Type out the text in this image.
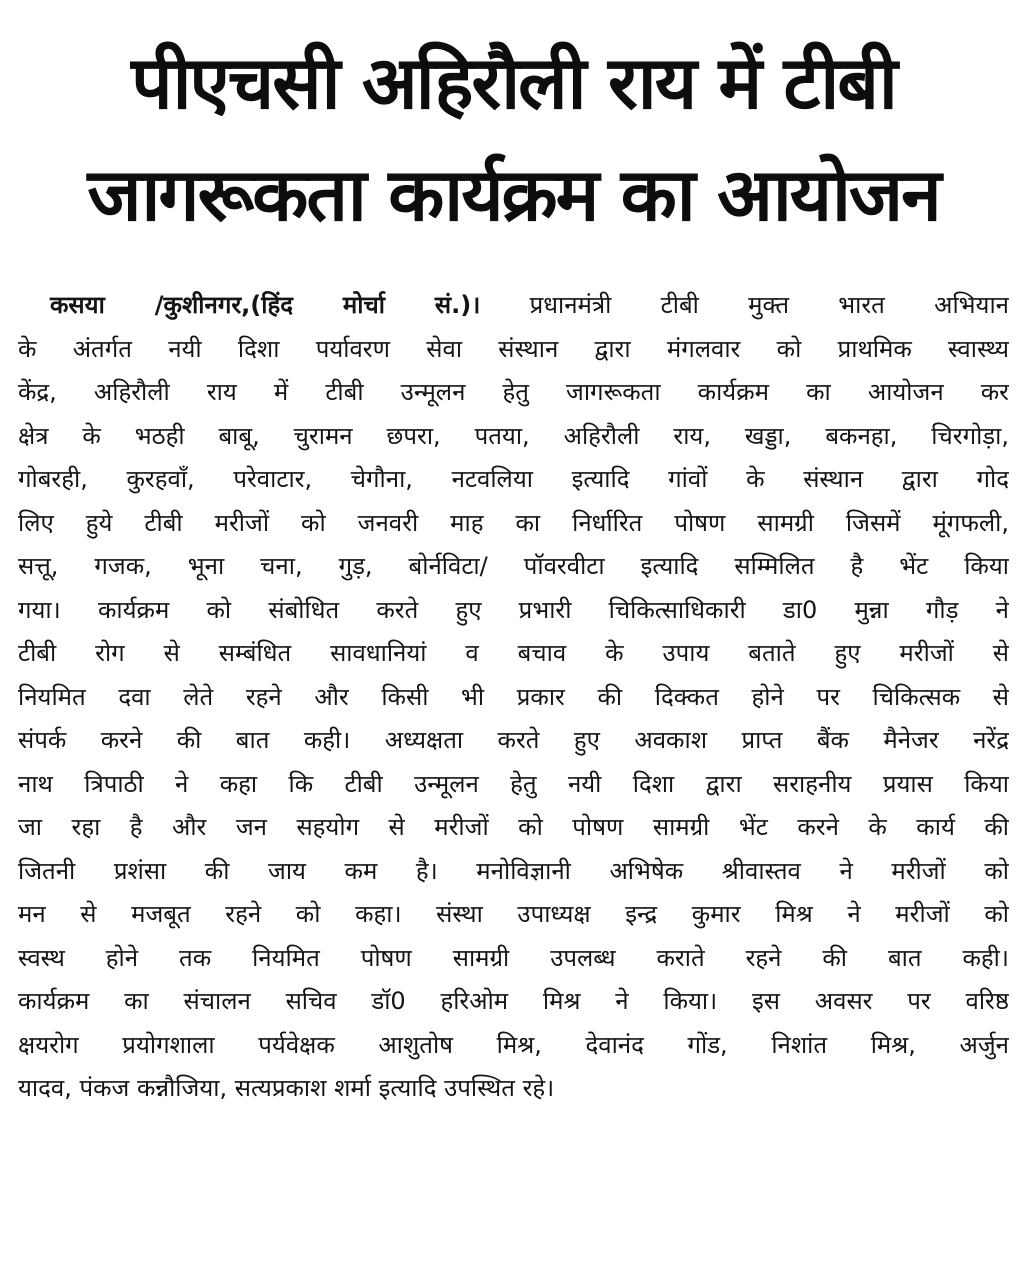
पीएचसी अहिरौली राय में टीबी
जागरूकता कार्यक्रम का आयोजन
कसया /कुशीनगर,(हिंद मोर्चा सं.)। प्रधानमंत्री टीबी मुक्त भारत अभियान
के अंतर्गत नयी दिशा पर्यावरण सेवा संस्थान द्वारा मंगलवार को प्राथमिक स्वास्थ्य
केंद्र, अहिरौली राय में टीबी उन्मूलन हेतु जागरूकता कार्यक्रम का आयोजन कर
क्षेत्र के भठही बाबू, चुरामन छपरा, पतया, अहिरौली राय, खड्डा, बकनहा, चिरगोड़ा,
गोबरही, कुरहवाँ, परेवाटार, चेगौना, नटवलिया इत्यादि गांवों के संस्थान द्वारा गोद
लिए हुये टीबी मरीजों को जनवरी माह का निर्धारित पोषण सामग्री जिसमें मूंगफली,
सत्तू, गजक, भूना चना, गुड़, बोर्नविटा/ पॉवरवीटा इत्यादि सम्मिलित है भेंट किया
गया। कार्यक्रम को संबोधित करते हुए प्रभारी चिकित्साधिकारी डा0 मुन्ना गौड़ ने
टीबी रोग से सम्बंधित सावधानियां व बचाव के उपाय बताते हुए मरीजों से
नियमित दवा लेते रहने और किसी भी प्रकार की दिक्कत होने पर चिकित्सक से
संपर्क करने की बात कही। अध्यक्षता करते हुए अवकाश प्राप्त बैंक मैनेजर नरेंद्र
नाथ त्रिपाठी ने कहा कि टीबी उन्मूलन हेतु नयी दिशा द्वारा सराहनीय प्रयास किया
जा रहा है और जन सहयोग से मरीजों को पोषण सामग्री भेंट करने के कार्य की
जितनी प्रशंसा की जाय कम है। मनोविज्ञानी अभिषेक श्रीवास्तव ने मरीजों को
मन से मजबूत रहने को कहा। संस्था उपाध्यक्ष इन्द्र कुमार मिश्र ने मरीजों को
स्वस्थ होने तक नियमित पोषण सामग्री उपलब्ध कराते रहने की बात कही।
कार्यक्रम का संचालन सचिव डॉ0 हरिओम मिश्र ने किया। इस अवसर पर वरिष्ठ
क्षयरोग प्रयोगशाला पर्यवेक्षक आशुतोष मिश्र, देवानंद गोंड, निशांत मिश्र, अर्जुन
यादव, पंकज कन्नौजिया, सत्यप्रकाश शर्मा इत्यादि उपस्थित रहे।
